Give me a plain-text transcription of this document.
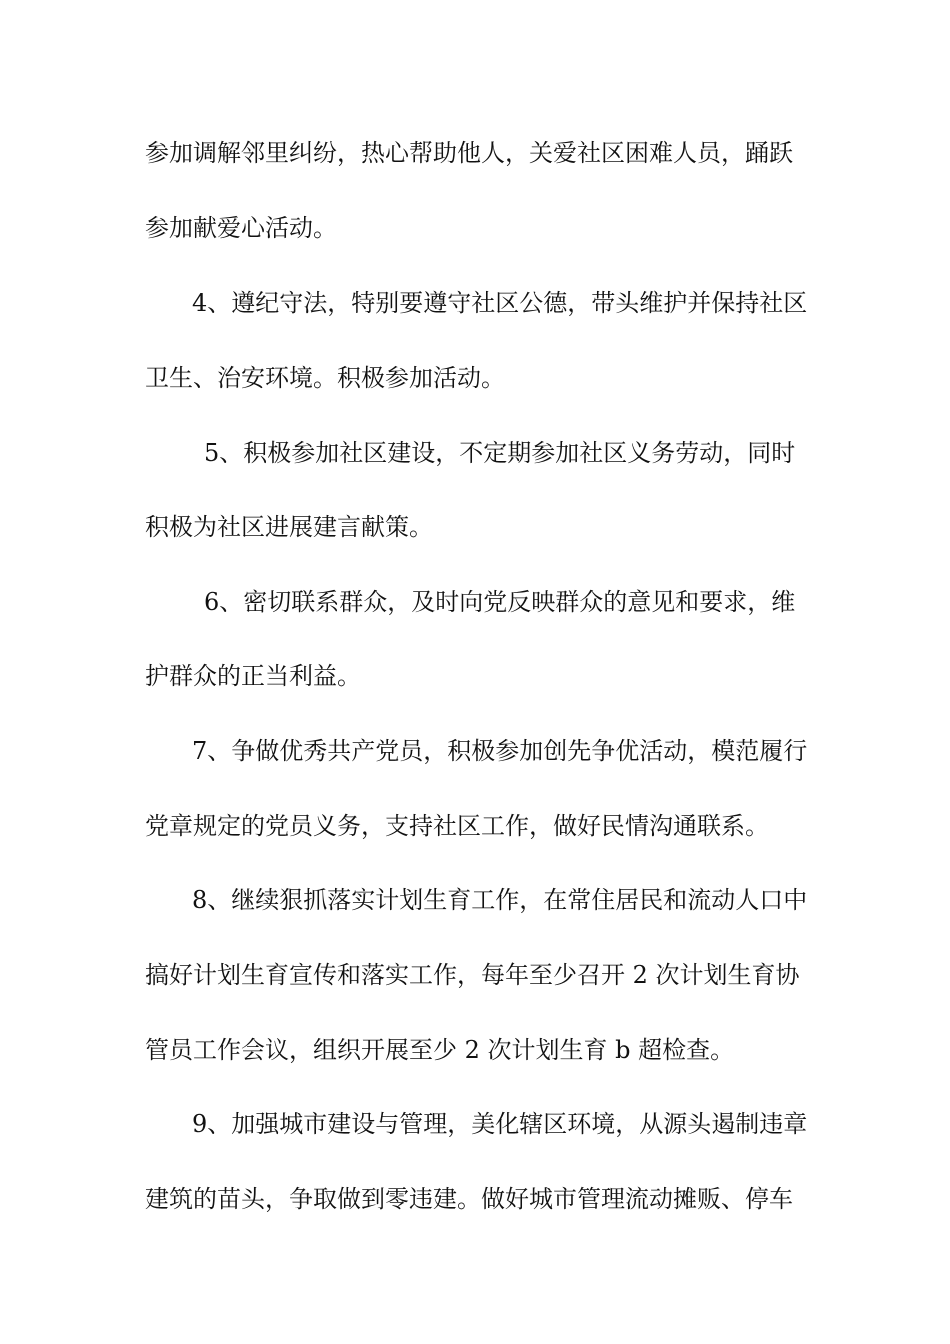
参加调解邻里纠纷，热心帮助他人，关爱社区困难人员，踊跃
参加献爱心活动。
4、遵纪守法，特别要遵守社区公德，带头维护并保持社区
卫生、治安环境。积极参加活动。
5、积极参加社区建设，不定期参加社区义务劳动，同时
积极为社区进展建言献策。
6、密切联系群众，及时向党反映群众的意见和要求，维
护群众的正当利益。
7、争做优秀共产党员，积极参加创先争优活动，模范履行
党章规定的党员义务，支持社区工作，做好民情沟通联系。
8、继续狠抓落实计划生育工作，在常住居民和流动人口中
搞好计划生育宣传和落实工作，每年至少召开 2 次计划生育协
管员工作会议，组织开展至少 2 次计划生育 b 超检查。
9、加强城市建设与管理，美化辖区环境，从源头遏制违章
建筑的苗头，争取做到零违建。做好城市管理流动摊贩、停车
